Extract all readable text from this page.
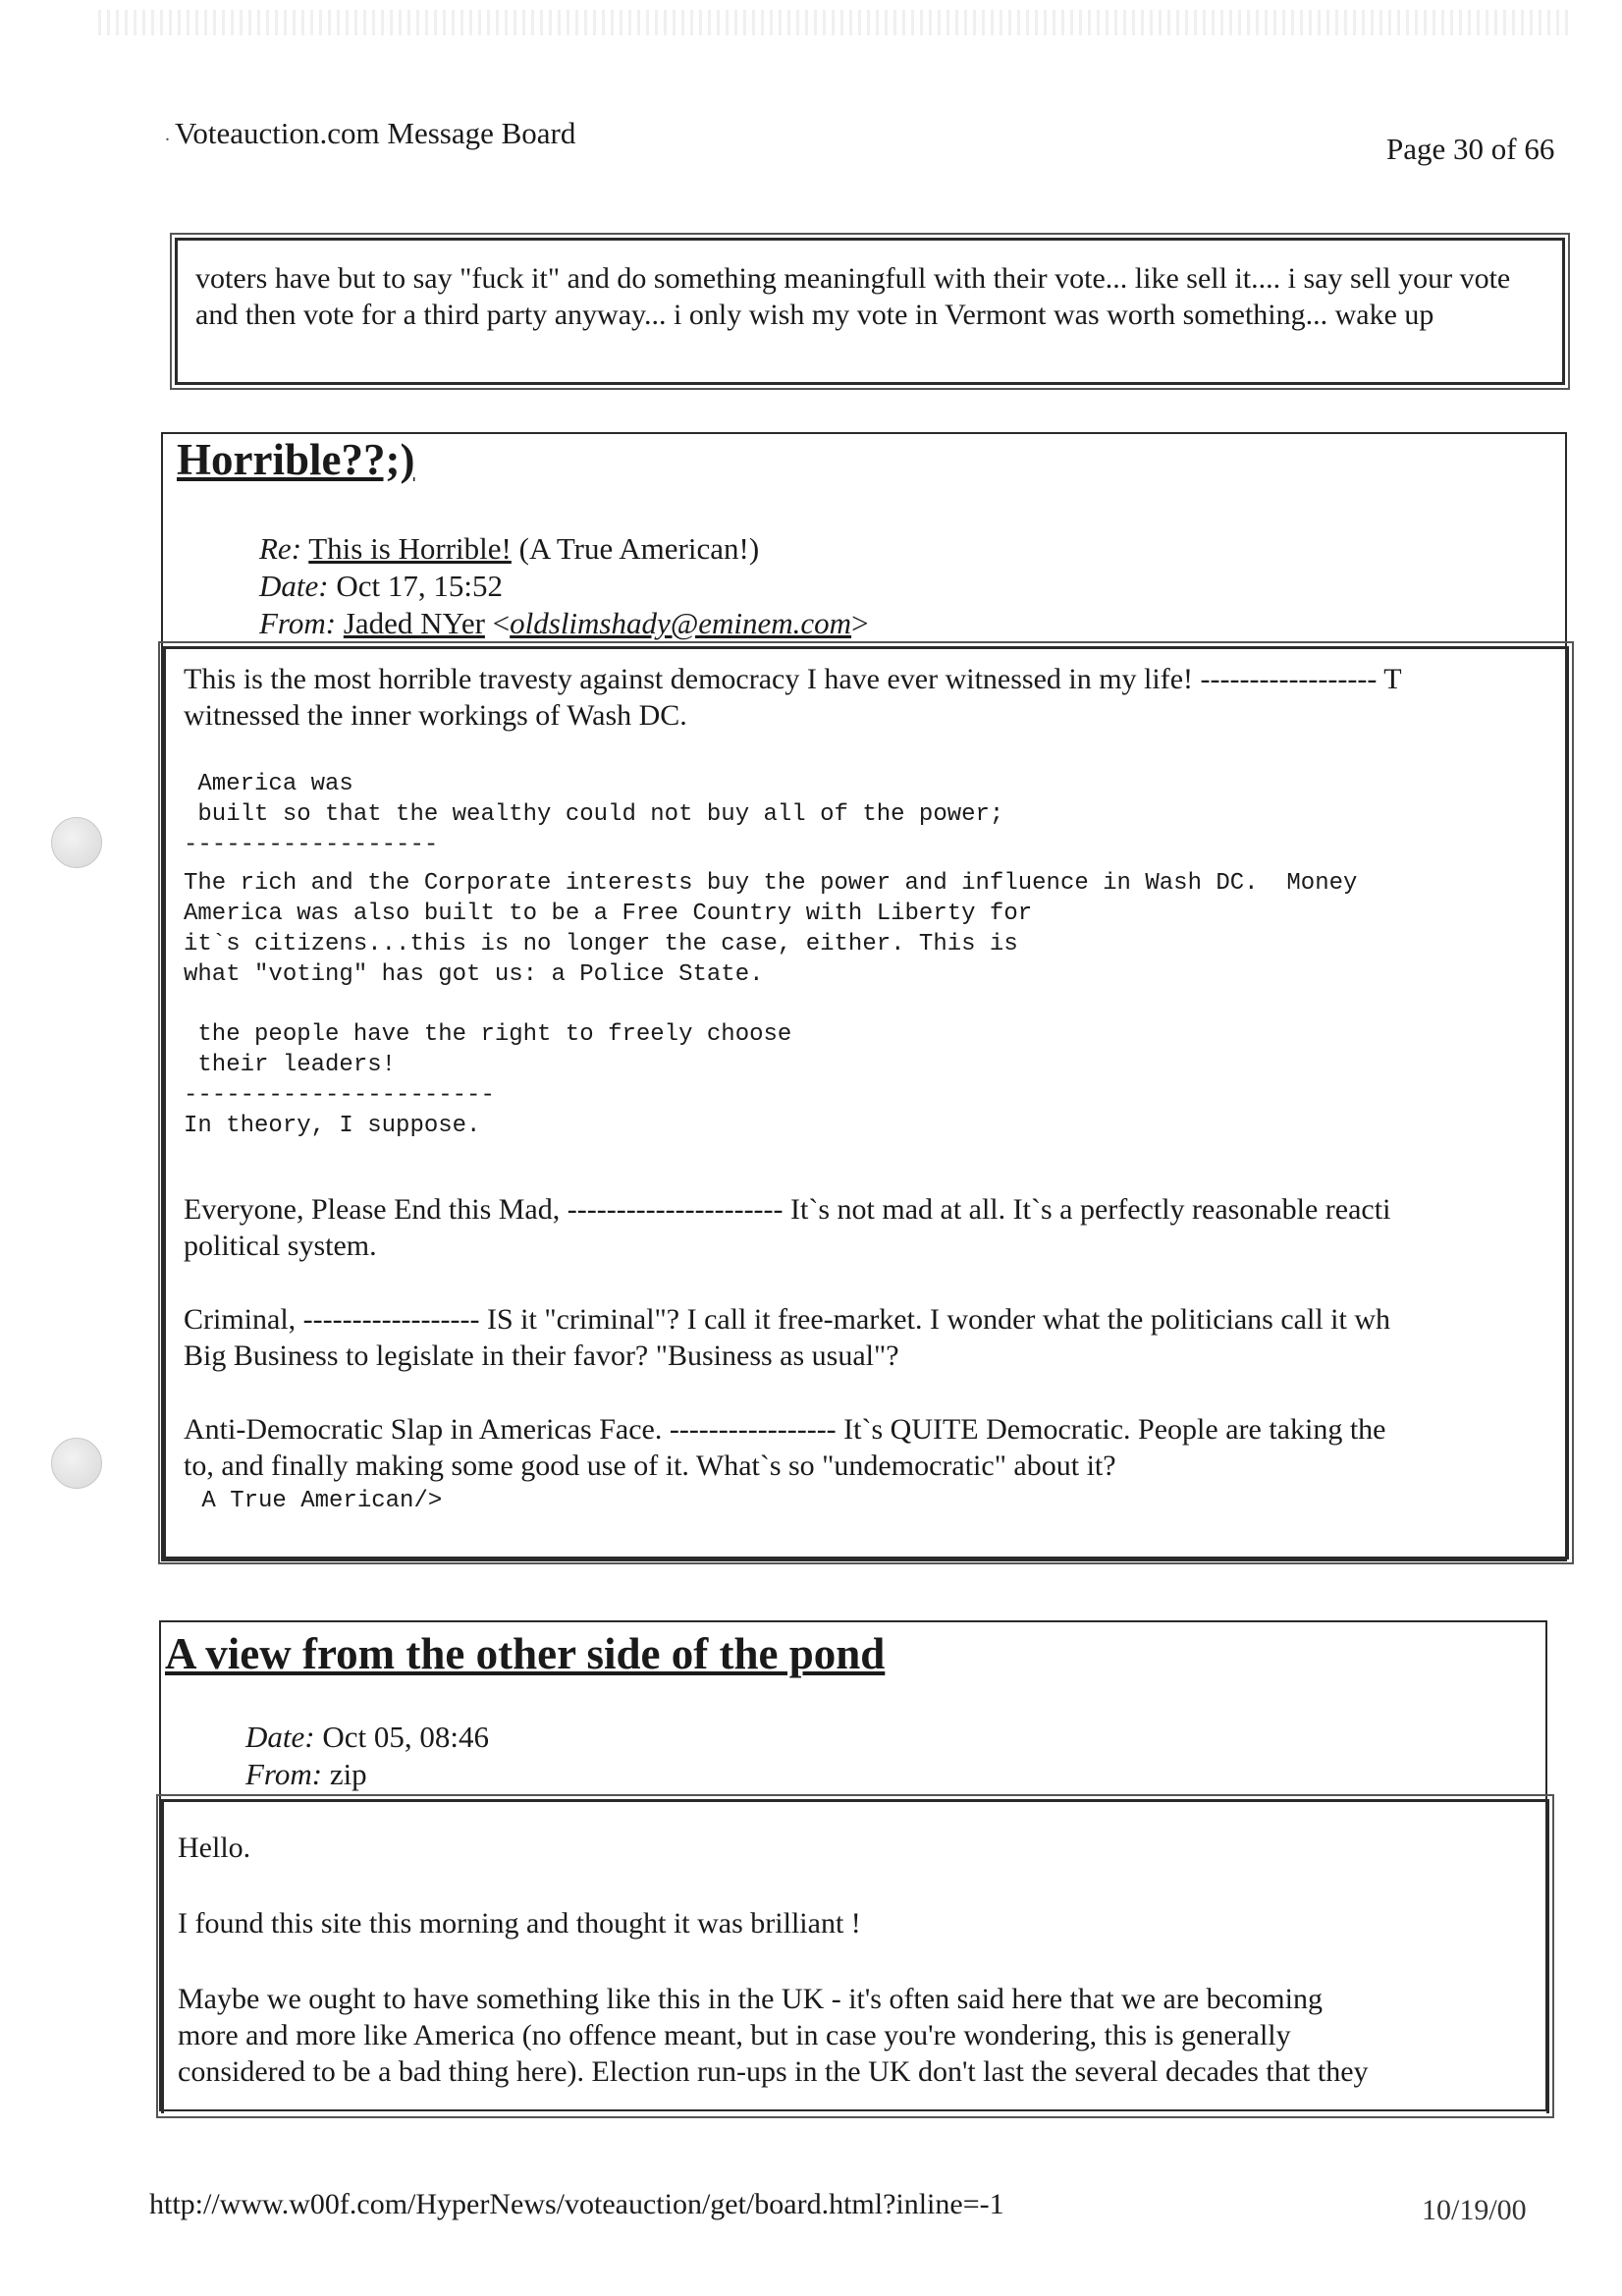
. Voteauction.com Message Board	Page 30 of 66

voters have but to say "fuck it" and do something meaningfull with their vote... like sell it.... i say sell your vote and then vote for a third party anyway... i only wish my vote in Vermont was worth something... wake up

Horrible??;)
Re: This is Horrible! (A True American!)
Date: Oct 17, 15:52
From: Jaded NYer <oldslimshady@eminem.com>

This is the most horrible travesty against democracy I have ever witnessed in my life! ------------------ T

witnessed the inner workings of Wash DC.

America was

built so that the wealthy could not buy all of the power;

------------------

The rich and the Corporate interests buy the power and influence in Wash DC.  Money

America was also built to be a Free Country with Liberty for

it`s citizens...this is no longer the case, either. This is

what "voting" has got us: a Police State.

the people have the right to freely choose

their leaders!

----------------------

In theory, I suppose.

Everyone, Please End this Mad, ---------------------- It`s not mad at all. It`s a perfectly reasonable reacti

political system.

Criminal, ------------------ IS it "criminal"? I call it free-market. I wonder what the politicians call it wh

Big Business to legislate in their favor? "Business as usual"?

Anti-Democratic Slap in Americas Face. ----------------- It`s QUITE Democratic. People are taking the

to, and finally making some good use of it. What`s so "undemocratic" about it?

A True American/>

A view from the other side of the pond
Date: Oct 05, 08:46
From: zip

Hello.

I found this site this morning and thought it was brilliant !

Maybe we ought to have something like this in the UK - it's often said here that we are becoming

more and more like America (no offence meant, but in case you're wondering, this is generally

considered to be a bad thing here). Election run-ups in the UK don't last the several decades that they

http://www.w00f.com/HyperNews/voteauction/get/board.html?inline=-1	10/19/00
